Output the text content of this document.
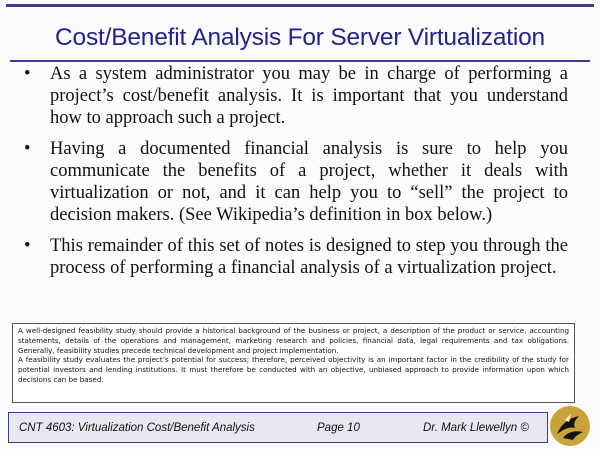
Cost/Benefit Analysis For Server Virtualization
•	As a system administrator you may be in charge of performing a project’s cost/benefit analysis. It is important that you understand how to approach such a project.
•	Having a documented financial analysis is sure to help you communicate the benefits of a project, whether it deals with virtualization or not, and it can help you to “sell” the project to decision makers. (See Wikipedia’s definition in box below.)
•	This remainder of this set of notes is designed to step you through the process of performing a financial analysis of a virtualization project.

A well-designed feasibility study should provide a historical background of the business or project, a description of the product or service, accounting statements, details of the operations and management, marketing research and policies, financial data, legal requirements and tax obligations. Generally, feasibility studies precede technical development and project implementation.

A feasibility study evaluates the project’s potential for success; therefore, perceived objectivity is an important factor in the credibility of the study for potential investors and lending institutions. It must therefore be conducted with an objective, unbiased approach to provide information upon which decisions can be based.

CNT 4603: Virtualization Cost/Benefit Analysis	Page 10	Dr. Mark Llewellyn ©
